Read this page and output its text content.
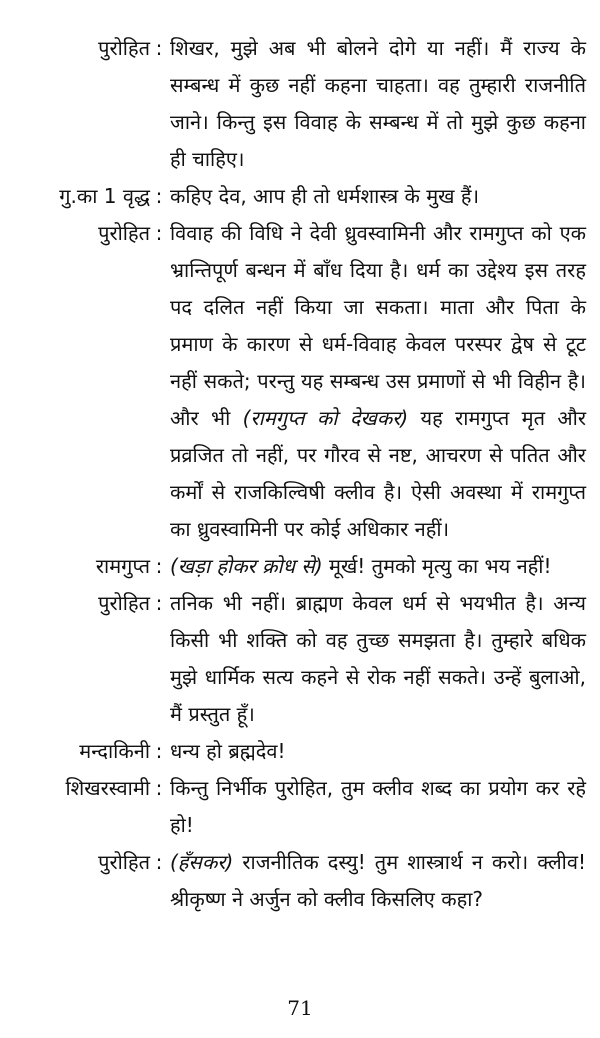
पुरोहित : शिखर, मुझे अब भी बोलने दोगे या नहीं। मैं राज्य के सम्बन्ध में कुछ नहीं कहना चाहता। वह तुम्हारी राजनीति जाने। किन्तु इस विवाह के सम्बन्ध में तो मुझे कुछ कहना ही चाहिए।
गु.का 1 वृद्ध : कहिए देव, आप ही तो धर्मशास्त्र के मुख हैं।
पुरोहित : विवाह की विधि ने देवी ध्रुवस्वामिनी और रामगुप्त को एक भ्रान्तिपूर्ण बन्धन में बाँध दिया है। धर्म का उद्देश्य इस तरह पद दलित नहीं किया जा सकता। माता और पिता के प्रमाण के कारण से धर्म-विवाह केवल परस्पर द्वेष से टूट नहीं सकते; परन्तु यह सम्बन्ध उस प्रमाणों से भी विहीन है। और भी (रामगुप्त को देखकर) यह रामगुप्त मृत और प्रव्रजित तो नहीं, पर गौरव से नष्ट, आचरण से पतित और कर्मों से राजकिल्विषी क्लीव है। ऐसी अवस्था में रामगुप्त का ध्रुवस्वामिनी पर कोई अधिकार नहीं।
रामगुप्त : (खड़ा होकर क्रोध से) मूर्ख! तुमको मृत्यु का भय नहीं!
पुरोहित : तनिक भी नहीं। ब्राह्मण केवल धर्म से भयभीत है। अन्य किसी भी शक्ति को वह तुच्छ समझता है। तुम्हारे बधिक मुझे धार्मिक सत्य कहने से रोक नहीं सकते। उन्हें बुलाओ, मैं प्रस्तुत हूँ।
मन्दाकिनी : धन्य हो ब्रह्मदेव!
शिखरस्वामी : किन्तु निर्भीक पुरोहित, तुम क्लीव शब्द का प्रयोग कर रहे हो!
पुरोहित : (हँसकर) राजनीतिक दस्यु! तुम शास्त्रार्थ न करो। क्लीव! श्रीकृष्ण ने अर्जुन को क्लीव किसलिए कहा?
71
